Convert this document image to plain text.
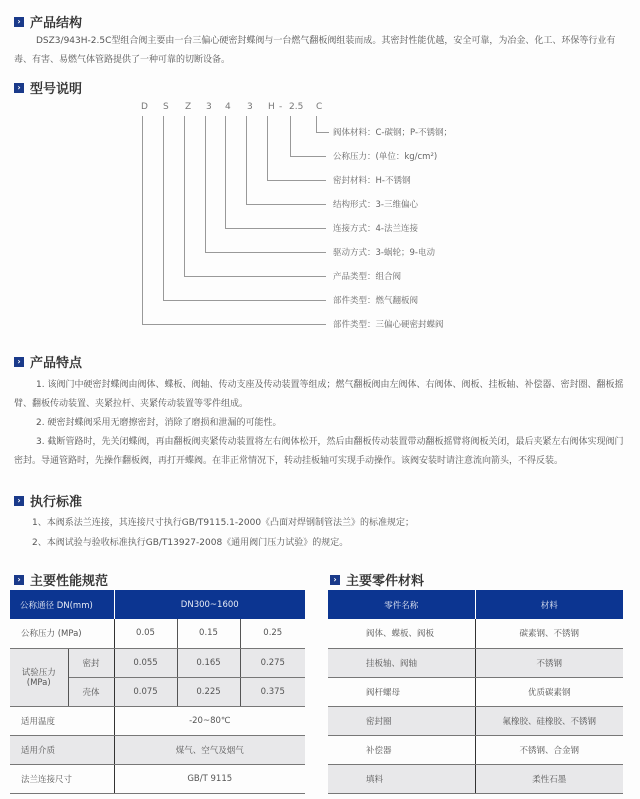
› 产品结构
DSZ3/943H-2.5C型组合阀主要由一台三偏心硬密封蝶阀与一台燃气翻板阀组装而成。其密封性能优越，安全可靠，为冶金、化工、环保等行业有毒、有害、易燃气体管路提供了一种可靠的切断设备。
› 型号说明
D S Z 3 4 3 H - 2.5 C
阀体材料：C-碳钢；P-不锈钢；
公称压力：(单位：kg/cm²)
密封材料：H-不锈钢
结构形式：3-三维偏心
连接方式：4-法兰连接
驱动方式：3-蜗轮；9-电动
产品类型：组合阀
部件类型：燃气翻板阀
部件类型：三偏心硬密封蝶阀
› 产品特点
1. 该阀门中硬密封蝶阀由阀体、蝶板、阀轴、传动支座及传动装置等组成；燃气翻板阀由左阀体、右阀体、阀板、挂板轴、补偿器、密封圈、翻板摇臂、翻板传动装置、夹紧拉杆、夹紧传动装置等零件组成。
2. 硬密封蝶阀采用无磨擦密封，消除了磨损和泄漏的可能性。
3. 截断管路时，先关闭蝶阀，再由翻板阀夹紧传动装置将左右阀体松开，然后由翻板传动装置带动翻板摇臂将阀板关闭，最后夹紧左右阀体实现阀门密封。导通管路时，先操作翻板阀，再打开蝶阀。在非正常情况下，转动挂板轴可实现手动操作。该阀安装时请注意流向箭头，不得反装。
› 执行标准
1、本阀系法兰连接，其连接尺寸执行GB/T9115.1-2000《凸面对焊钢制管法兰》的标准规定；
2、本阀试验与验收标准执行GB/T13927-2008《通用阀门压力试验》的规定。
› 主要性能规范
公称通径 DN(mm)		DN300~1600		
公称压力 (MPa)		0.05	0.15	0.25
试验压力 (MPa)	密封	0.055	0.165	0.275
	壳体	0.075	0.225	0.375
适用温度		-20~80℃		
适用介质		煤气、空气及烟气		
法兰连接尺寸		GB/T 9115		
› 主要零件材料
零件名称	材料
阀体、蝶板、阀板	碳素钢、不锈钢
挂板轴、阀轴	不锈钢
阀杆螺母	优质碳素钢
密封圈	氟橡胶、硅橡胶、不锈钢
补偿器	不锈钢、合金钢
填料	柔性石墨
